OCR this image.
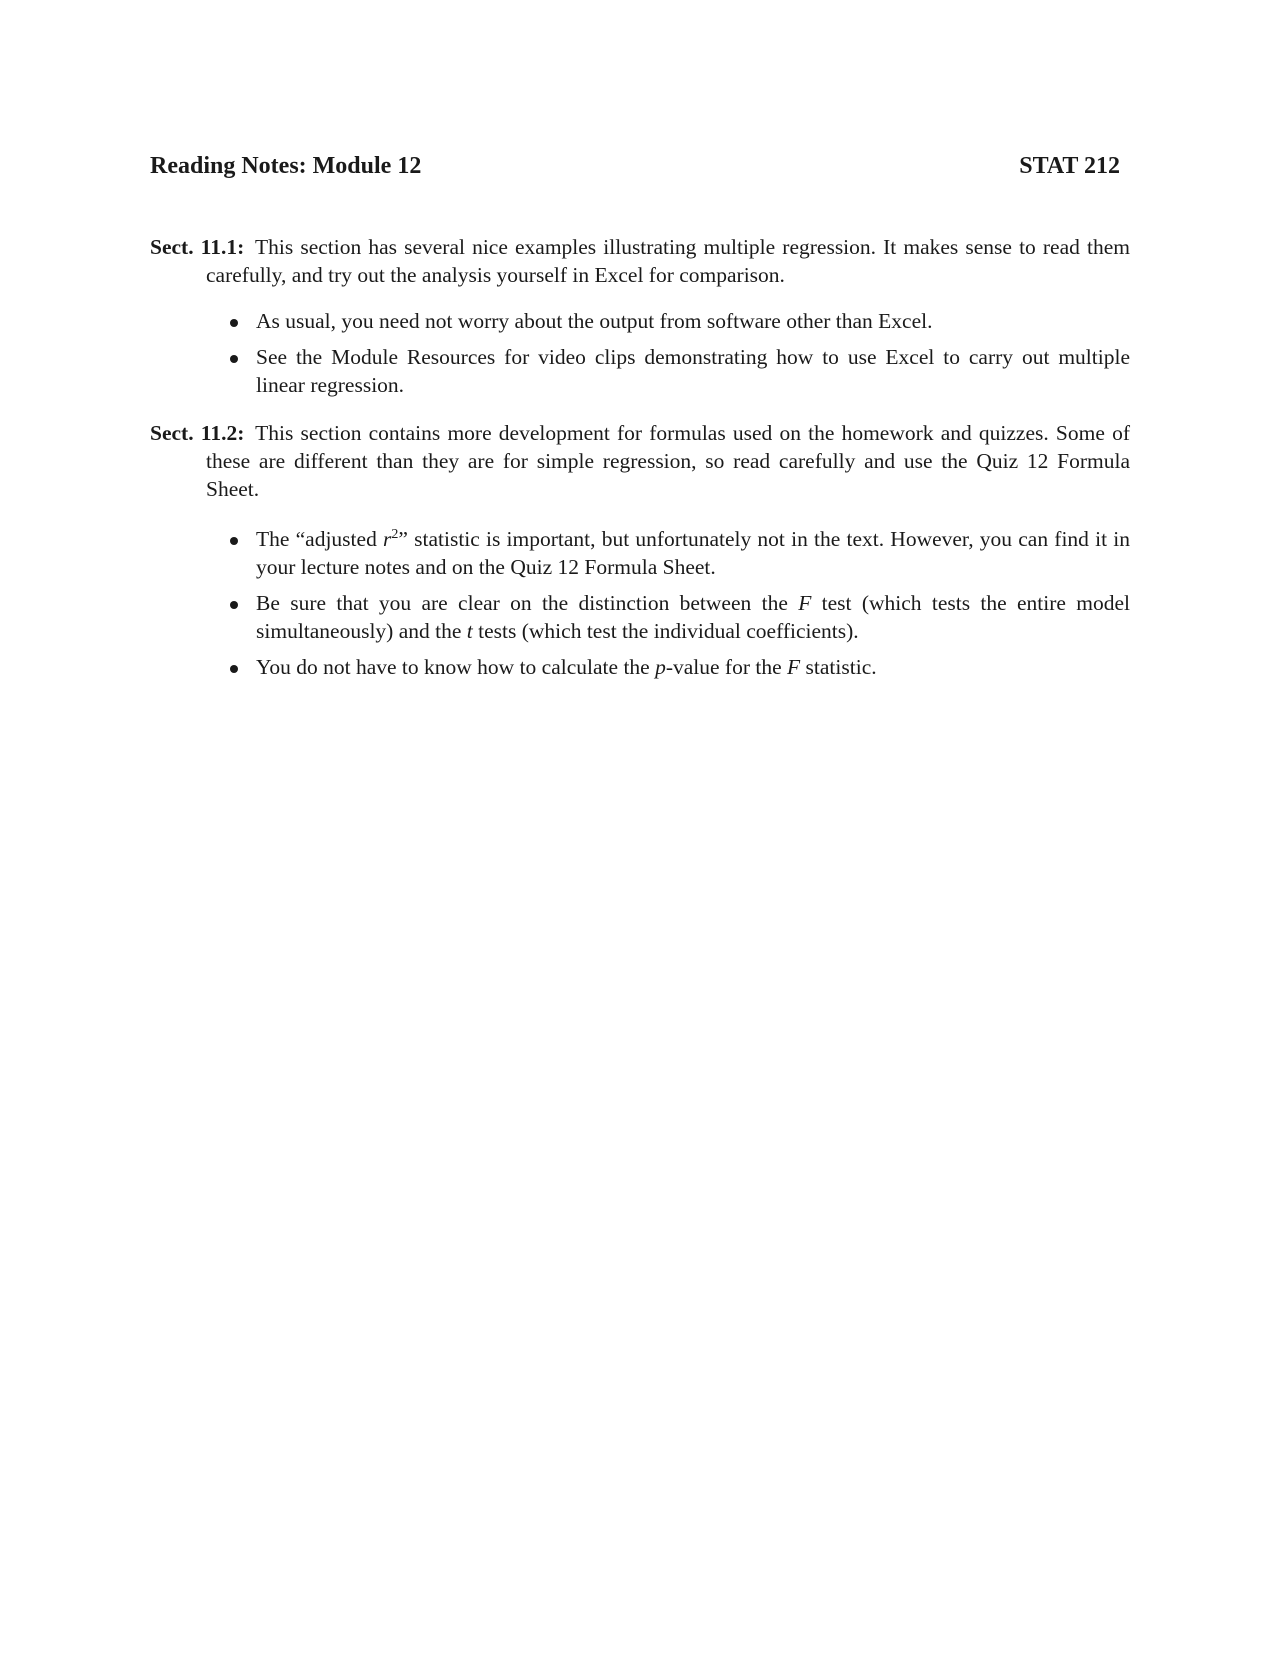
Reading Notes: Module 12	STAT 212
Sect. 11.1: This section has several nice examples illustrating multiple regression. It makes sense to read them carefully, and try out the analysis yourself in Excel for comparison.
As usual, you need not worry about the output from software other than Excel.
See the Module Resources for video clips demonstrating how to use Excel to carry out multiple linear regression.
Sect. 11.2: This section contains more development for formulas used on the homework and quizzes. Some of these are different than they are for simple regression, so read carefully and use the Quiz 12 Formula Sheet.
The “adjusted $r^2$” statistic is important, but unfortunately not in the text. However, you can find it in your lecture notes and on the Quiz 12 Formula Sheet.
Be sure that you are clear on the distinction between the F test (which tests the entire model simultaneously) and the t tests (which test the individual coefficients).
You do not have to know how to calculate the p-value for the F statistic.
